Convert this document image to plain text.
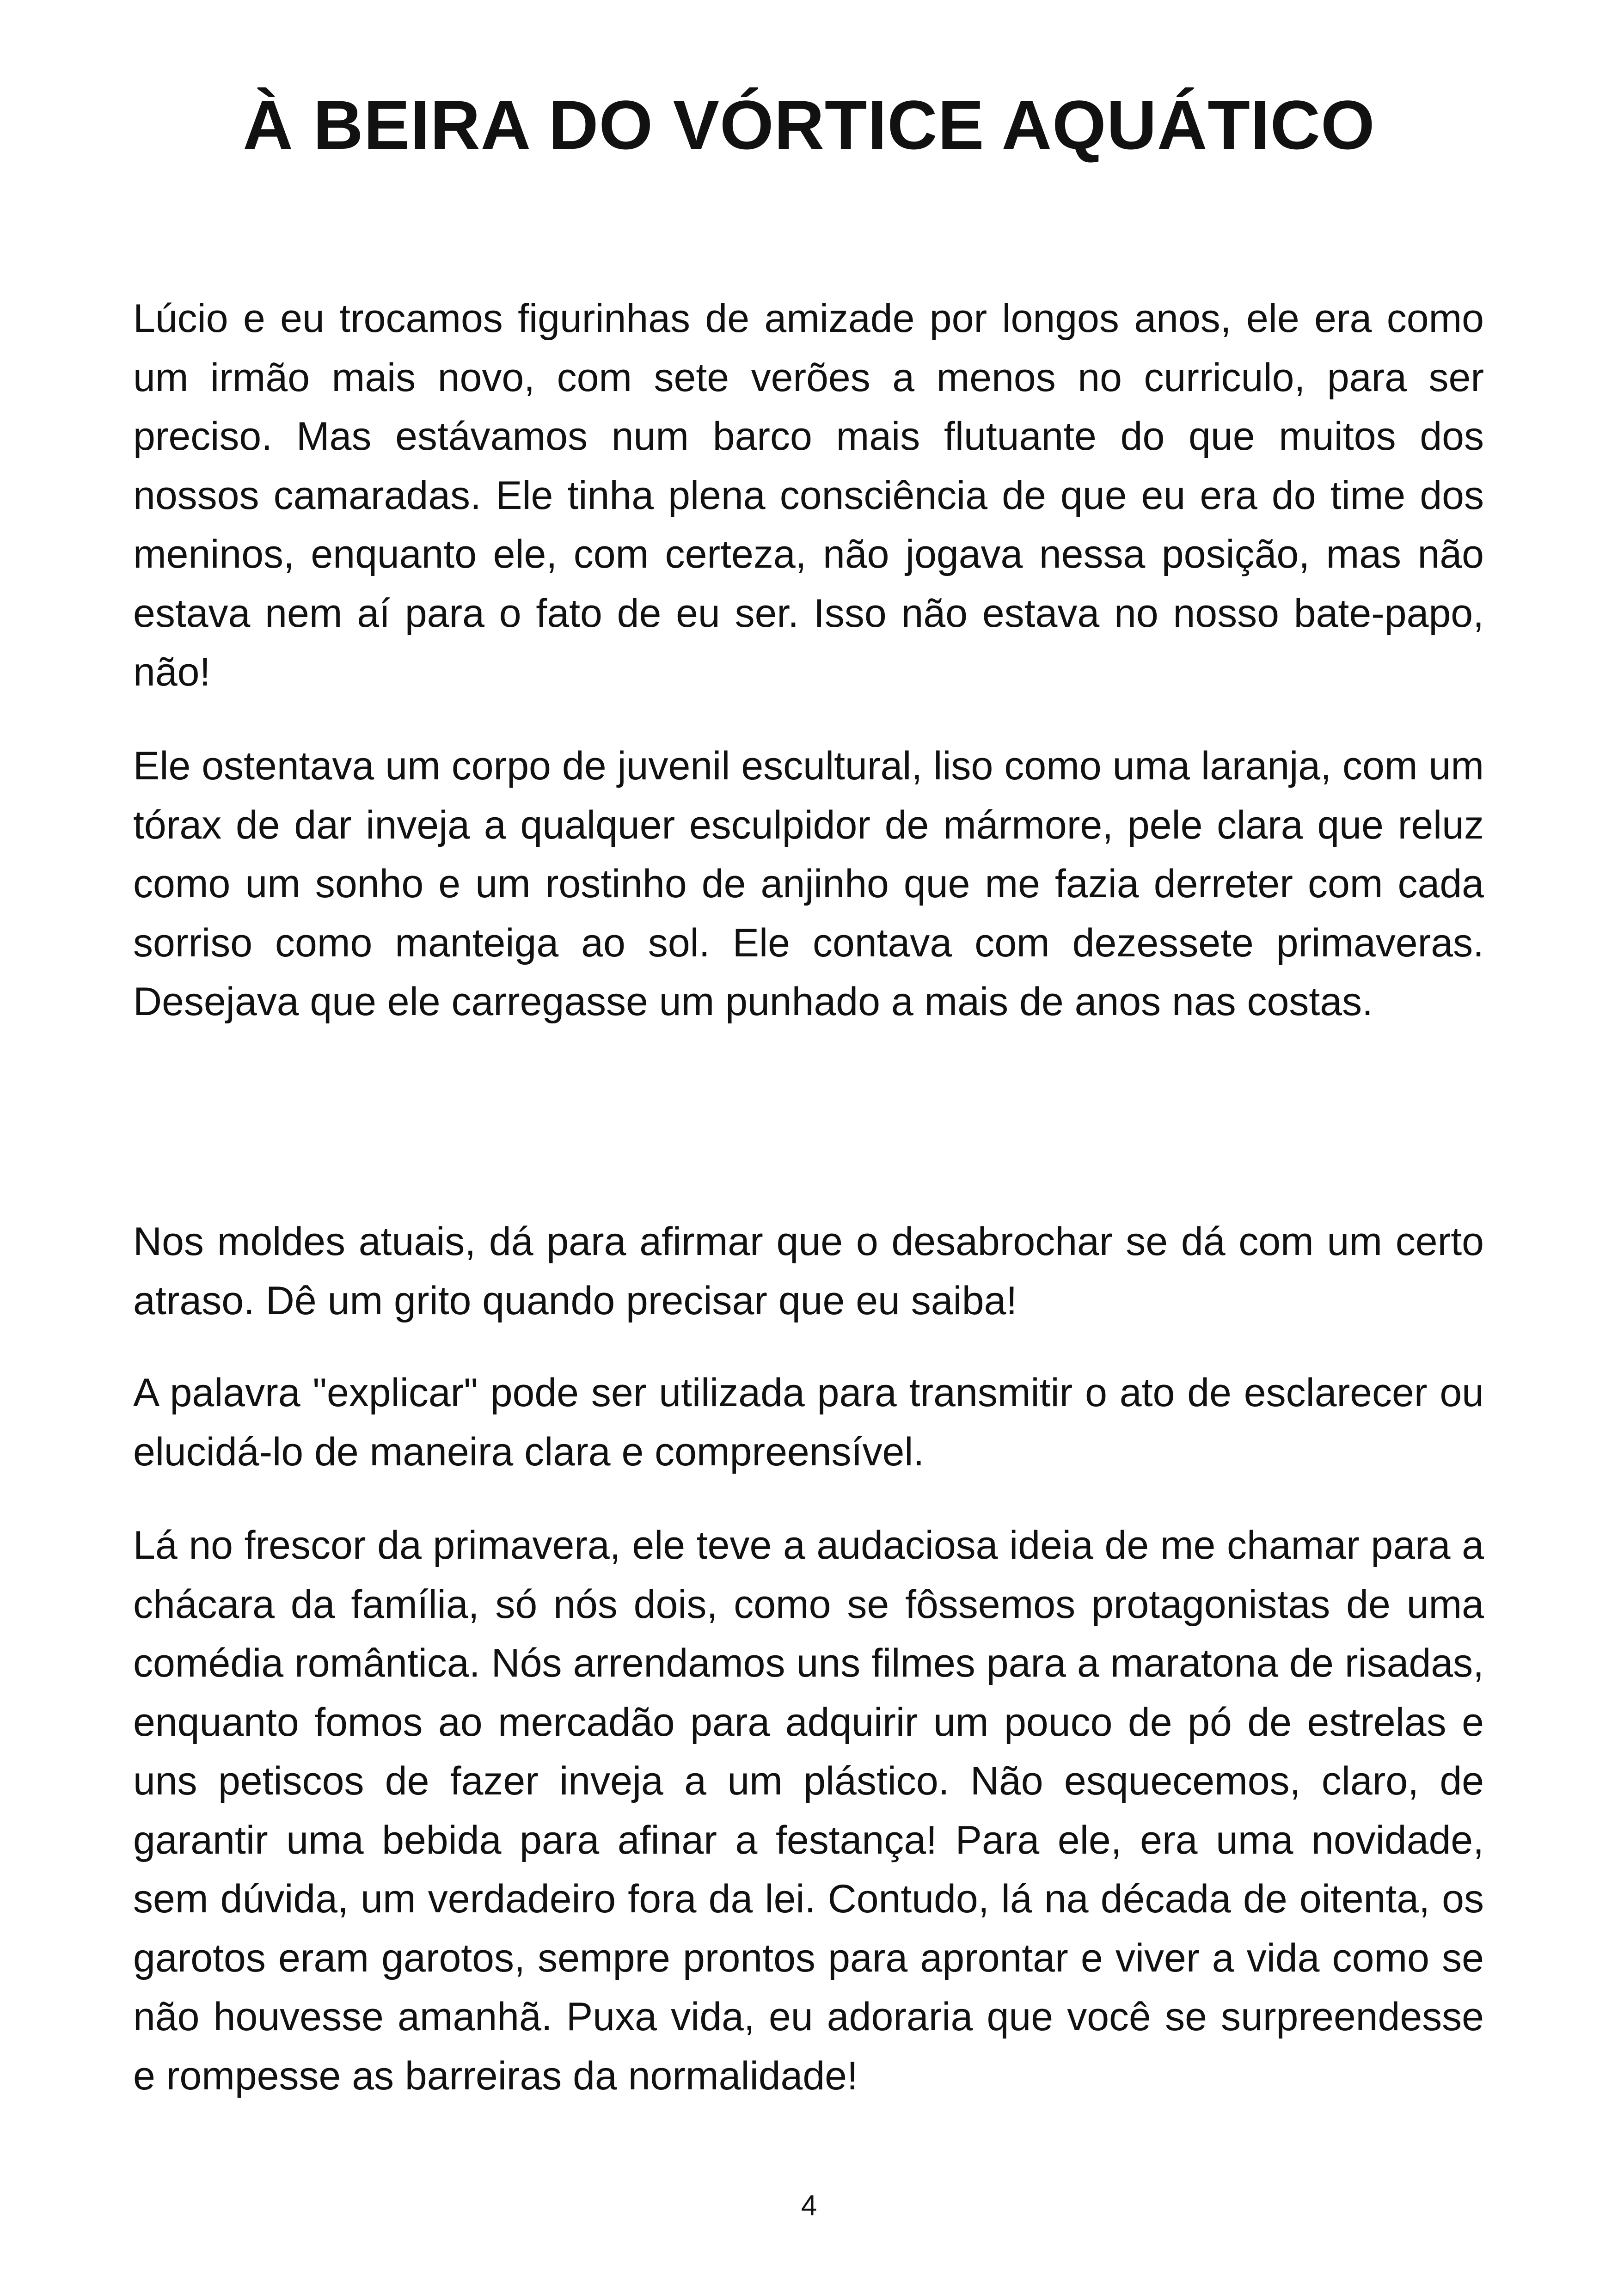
À BEIRA DO VÓRTICE AQUÁTICO

Lúcio e eu trocamos figurinhas de amizade por longos anos, ele era como um irmão mais novo, com sete verões a menos no curriculo, para ser preciso. Mas estávamos num barco mais flutuante do que muitos dos nossos camaradas. Ele tinha plena consciência de que eu era do time dos meninos, enquanto ele, com certeza, não jogava nessa posição, mas não estava nem aí para o fato de eu ser. Isso não estava no nosso bate-papo, não!

Ele ostentava um corpo de juvenil escultural, liso como uma laranja, com um tórax de dar inveja a qualquer esculpidor de mármore, pele clara que reluz como um sonho e um rostinho de anjinho que me fazia derreter com cada sorriso como manteiga ao sol. Ele contava com dezessete primaveras. Desejava que ele carregasse um punhado a mais de anos nas costas.

Nos moldes atuais, dá para afirmar que o desabrochar se dá com um certo atraso. Dê um grito quando precisar que eu saiba!

A palavra "explicar" pode ser utilizada para transmitir o ato de esclarecer ou elucidá-lo de maneira clara e compreensível.

Lá no frescor da primavera, ele teve a audaciosa ideia de me chamar para a chácara da família, só nós dois, como se fôssemos protagonistas de uma comédia romântica. Nós arrendamos uns filmes para a maratona de risadas, enquanto fomos ao mercadão para adquirir um pouco de pó de estrelas e uns petiscos de fazer inveja a um plástico. Não esquecemos, claro, de garantir uma bebida para afinar a festança! Para ele, era uma novidade, sem dúvida, um verdadeiro fora da lei. Contudo, lá na década de oitenta, os garotos eram garotos, sempre prontos para aprontar e viver a vida como se não houvesse amanhã. Puxa vida, eu adoraria que você se surpreendesse e rompesse as barreiras da normalidade!

4
